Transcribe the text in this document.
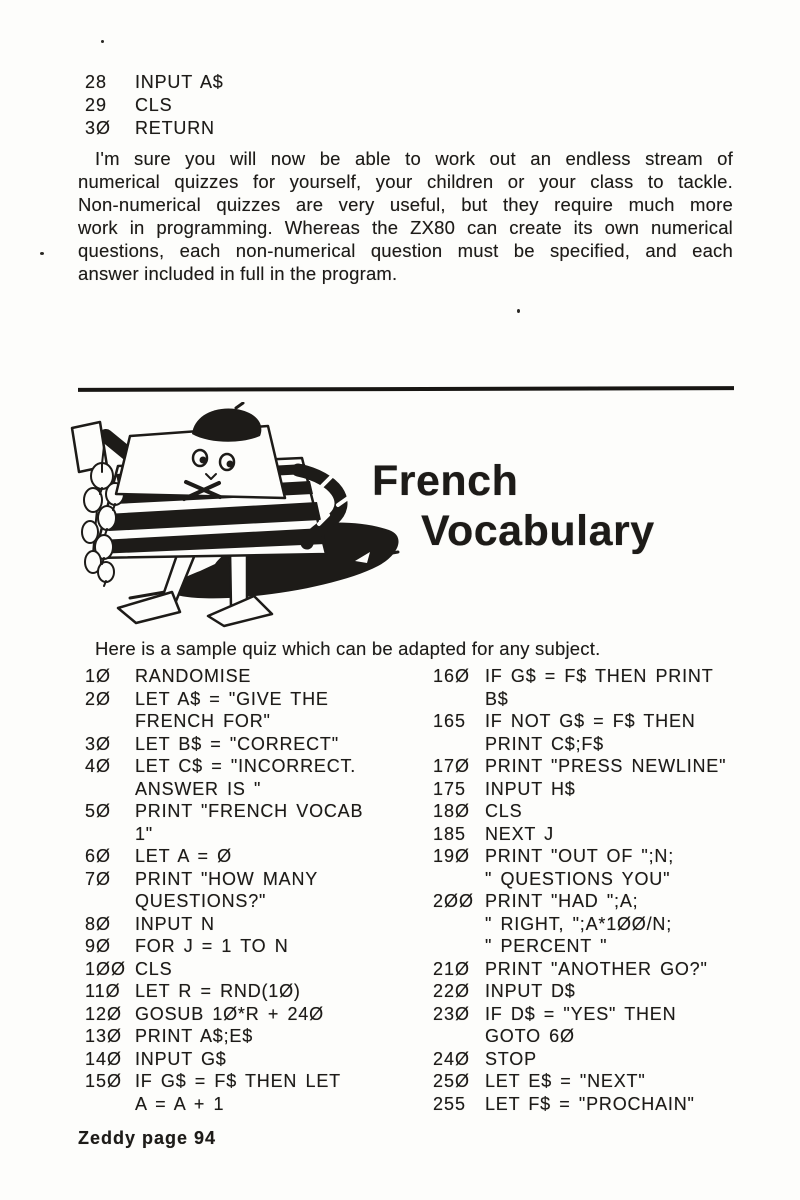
28	INPUT A$
29	CLS
3Ø	RETURN
I'm sure you will now be able to work out an endless stream of
numerical quizzes for yourself, your children or your class to tackle.
Non-numerical quizzes are very useful, but they require much more
work in programming. Whereas the ZX80 can create its own numerical
questions, each non-numerical question must be specified, and each
answer included in full in the program.
French
Vocabulary
Here is a sample quiz which can be adapted for any subject.
1Ø	RANDOMISE
2Ø	LET A$ = "GIVE THE
FRENCH FOR"
3Ø	LET B$ = "CORRECT"
4Ø	LET C$ = "INCORRECT.
ANSWER IS "
5Ø	PRINT "FRENCH VOCAB
1"
6Ø	LET A = Ø
7Ø	PRINT "HOW MANY
QUESTIONS?"
8Ø	INPUT N
9Ø	FOR J = 1 TO N
1ØØ CLS
11Ø LET R = RND(1Ø)
12Ø GOSUB 1Ø*R + 24Ø
13Ø PRINT A$;E$
14Ø INPUT G$
15Ø IF G$ = F$ THEN LET
A = A + 1
16Ø IF G$ = F$ THEN PRINT
B$
165	IF NOT G$ = F$ THEN
PRINT C$;F$
17Ø PRINT "PRESS NEWLINE"
175	INPUT H$
18Ø CLS
185	NEXT J
19Ø PRINT "OUT OF ";N;
" QUESTIONS YOU"
2ØØ PRINT "HAD ";A;
" RIGHT, ";A*1ØØ/N;
" PERCENT "
21Ø PRINT "ANOTHER GO?"
22Ø INPUT D$
23Ø IF D$ = "YES" THEN
GOTO 6Ø
24Ø STOP
25Ø LET E$ = "NEXT"
255	LET F$ = "PROCHAIN"
Zeddy page 94
